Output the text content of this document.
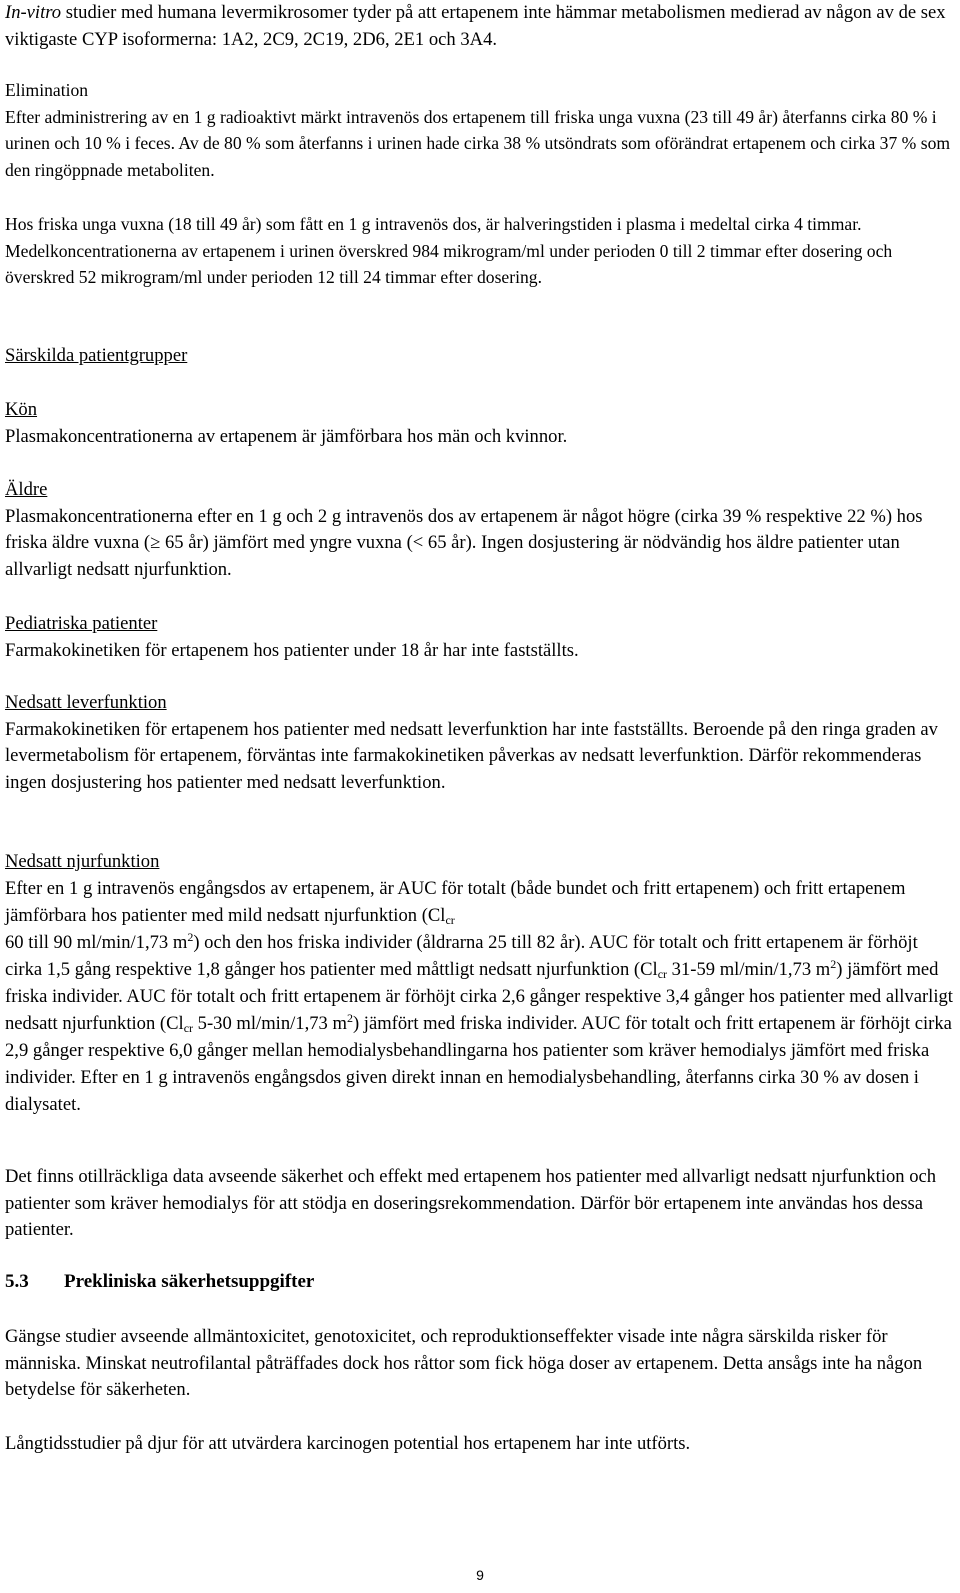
In-vitro studier med humana levermikrosomer tyder på att ertapenem inte hämmar metabolismen medierad av någon av de sex viktigaste CYP isoformerna: 1A2, 2C9, 2C19, 2D6, 2E1 och 3A4.

Elimination
Efter administrering av en 1 g radioaktivt märkt intravenös dos ertapenem till friska unga vuxna (23 till 49 år) återfanns cirka 80 % i urinen och 10 % i feces. Av de 80 % som återfanns i urinen hade cirka 38 % utsöndrats som oförändrat ertapenem och cirka 37 % som den ringöppnade metaboliten.

Hos friska unga vuxna (18 till 49 år) som fått en 1 g intravenös dos, är halveringstiden i plasma i medeltal cirka 4 timmar. Medelkoncentrationerna av ertapenem i urinen överskred 984 mikrogram/ml under perioden 0 till 2 timmar efter dosering och överskred 52 mikrogram/ml under perioden 12 till 24 timmar efter dosering.

Särskilda patientgrupper

Kön
Plasmakoncentrationerna av ertapenem är jämförbara hos män och kvinnor.

Äldre
Plasmakoncentrationerna efter en 1 g och 2 g intravenös dos av ertapenem är något högre (cirka 39 % respektive 22 %) hos friska äldre vuxna (≥ 65 år) jämfört med yngre vuxna (< 65 år). Ingen dosjustering är nödvändig hos äldre patienter utan allvarligt nedsatt njurfunktion.

Pediatriska patienter
Farmakokinetiken för ertapenem hos patienter under 18 år har inte fastställts.

Nedsatt leverfunktion
Farmakokinetiken för ertapenem hos patienter med nedsatt leverfunktion har inte fastställts. Beroende på den ringa graden av levermetabolism för ertapenem, förväntas inte farmakokinetiken påverkas av nedsatt leverfunktion. Därför rekommenderas ingen dosjustering hos patienter med nedsatt leverfunktion.

Nedsatt njurfunktion
Efter en 1 g intravenös engångsdos av ertapenem, är AUC för totalt (både bundet och fritt ertapenem) och fritt ertapenem jämförbara hos patienter med mild nedsatt njurfunktion ($Cl_{cr}$
60 till 90 ml/min/1,73 $m^2$) och den hos friska individer (åldrarna 25 till 82 år). AUC för totalt och fritt ertapenem är förhöjt cirka 1,5 gång respektive 1,8 gånger hos patienter med måttligt nedsatt njurfunktion ($Cl_{cr}$ 31-59 ml/min/1,73 $m^2$) jämfört med friska individer. AUC för totalt och fritt ertapenem är förhöjt cirka 2,6 gånger respektive 3,4 gånger hos patienter med allvarligt nedsatt njurfunktion ($Cl_{cr}$ 5-30 ml/min/1,73 $m^2$) jämfört med friska individer. AUC för totalt och fritt ertapenem är förhöjt cirka 2,9 gånger respektive 6,0 gånger mellan hemodialysbehandlingarna hos patienter som kräver hemodialys jämfört med friska individer. Efter en 1 g intravenös engångsdos given direkt innan en hemodialysbehandling, återfanns cirka 30 % av dosen i dialysatet.

Det finns otillräckliga data avseende säkerhet och effekt med ertapenem hos patienter med allvarligt nedsatt njurfunktion och patienter som kräver hemodialys för att stödja en doseringsrekommendation. Därför bör ertapenem inte användas hos dessa patienter.

5.3 Prekliniska säkerhetsuppgifter

Gängse studier avseende allmäntoxicitet, genotoxicitet, och reproduktionseffekter visade inte några särskilda risker för människa. Minskat neutrofilantal påträffades dock hos råttor som fick höga doser av ertapenem. Detta ansågs inte ha någon betydelse för säkerheten.

Långtidsstudier på djur för att utvärdera karcinogen potential hos ertapenem har inte utförts.

9
